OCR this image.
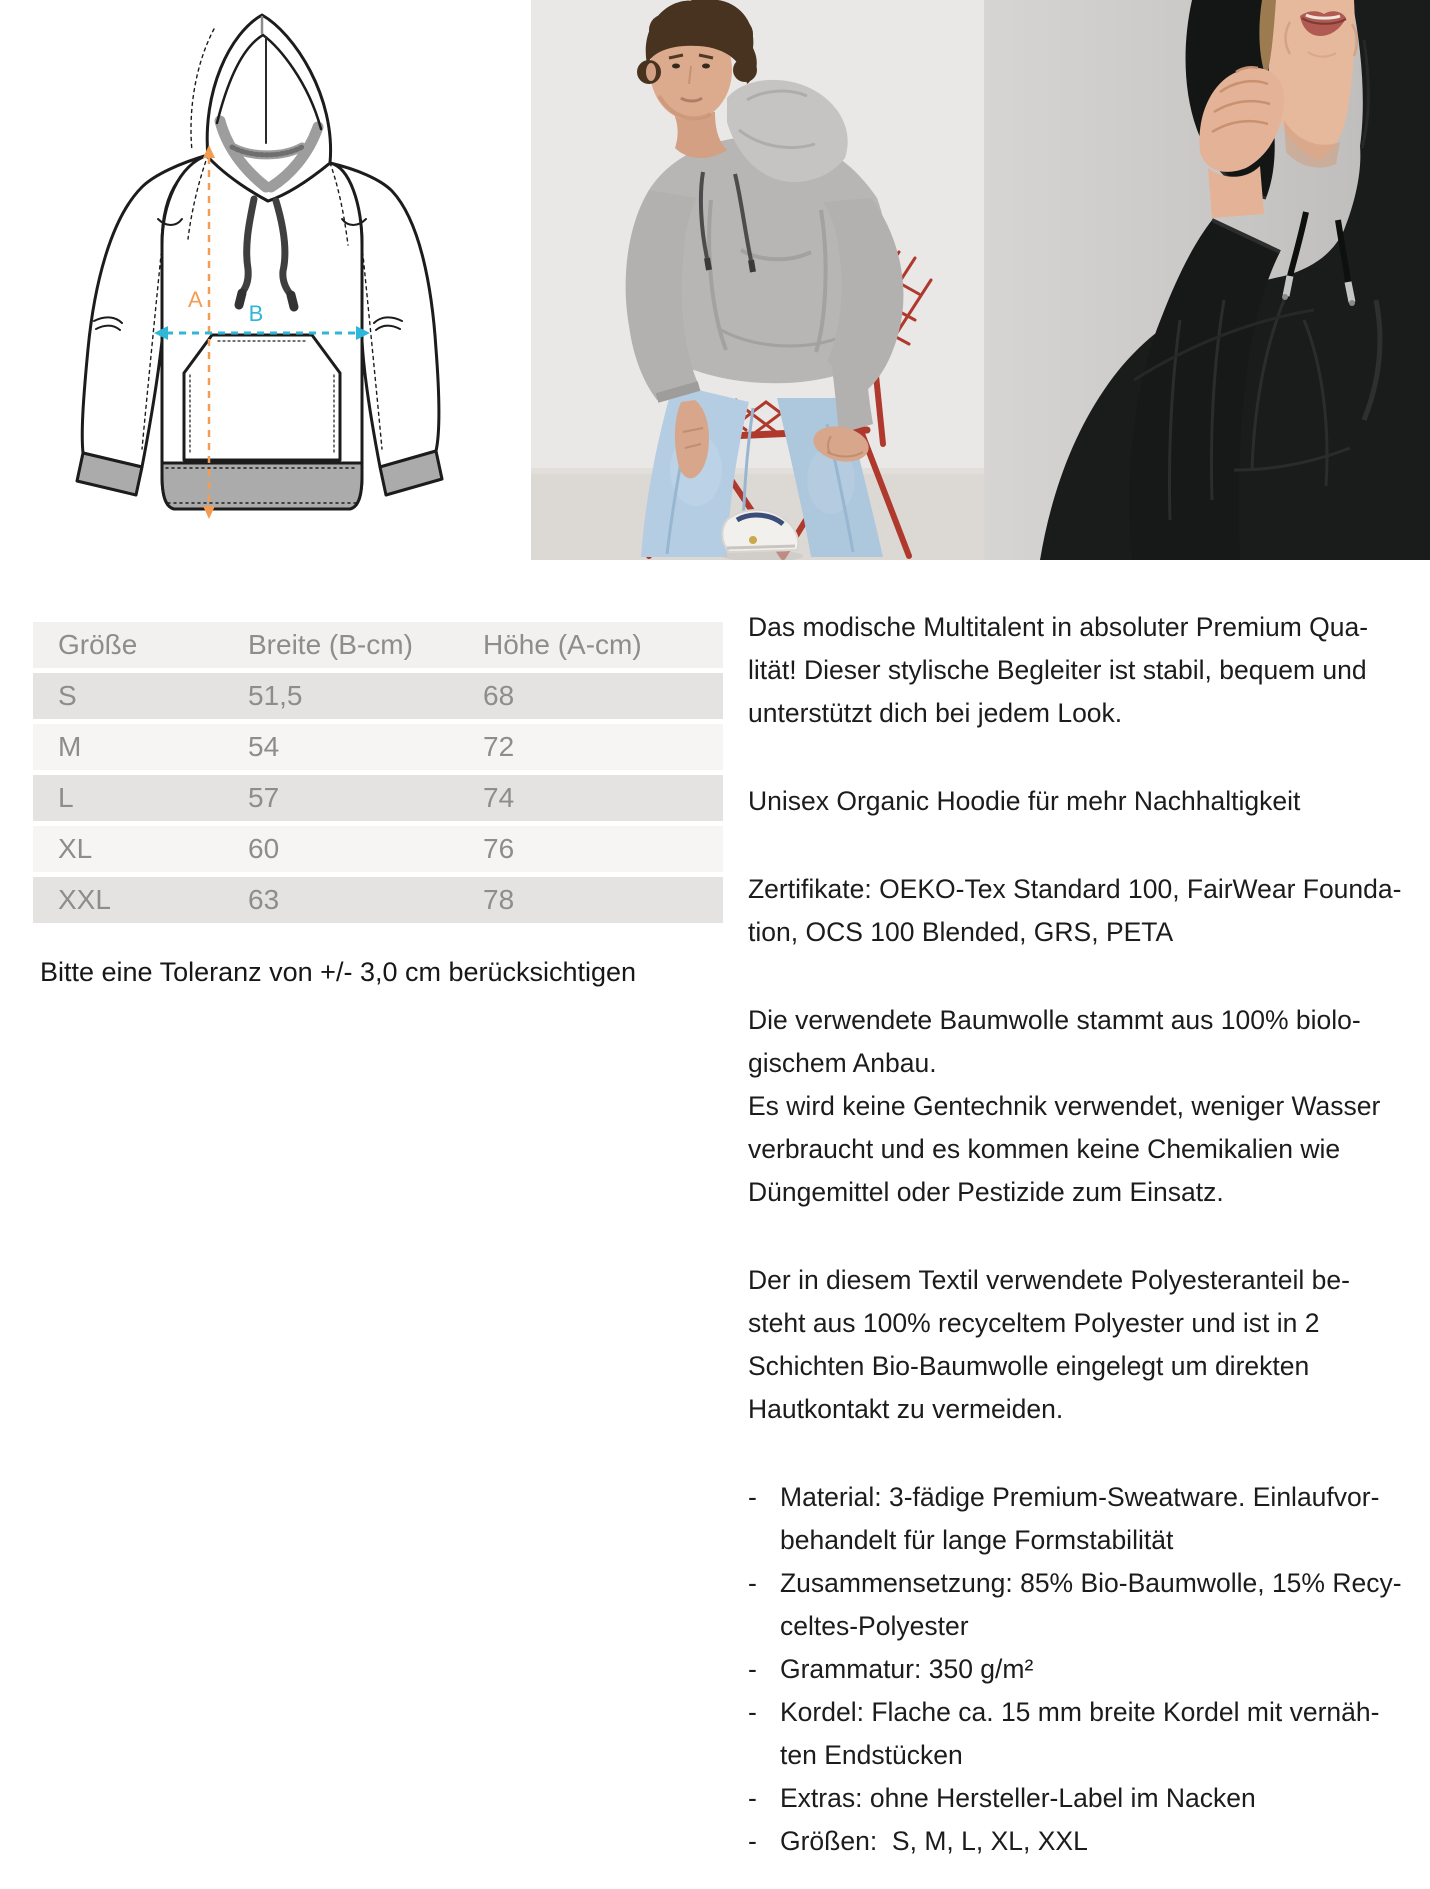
A
B
Größe	Breite (B-cm)	Höhe (A-cm)
S	51,5	68
M	54	72
L	57	74
XL	60	76
XXL	63	78
Bitte eine Toleranz von +/- 3,0 cm berücksichtigen
Das modische Multitalent in absoluter Premium Qua-
lität! Dieser stylische Begleiter ist stabil, bequem und
unterstützt dich bei jedem Look.
Unisex Organic Hoodie für mehr Nachhaltigkeit
Zertifikate: OEKO-Tex Standard 100, FairWear Founda-
tion, OCS 100 Blended, GRS, PETA
Die verwendete Baumwolle stammt aus 100% biolo-
gischem Anbau.
Es wird keine Gentechnik verwendet, weniger Wasser
verbraucht und es kommen keine Chemikalien wie
Düngemittel oder Pestizide zum Einsatz.
Der in diesem Textil verwendete Polyesteranteil be-
steht aus 100% recyceltem Polyester und ist in 2
Schichten Bio-Baumwolle eingelegt um direkten
Hautkontakt zu vermeiden.
- Material: 3-fädige Premium-Sweatware. Einlaufvor-
behandelt für lange Formstabilität
- Zusammensetzung: 85% Bio-Baumwolle, 15% Recy-
celtes-Polyester
- Grammatur: 350 g/m²
- Kordel: Flache ca. 15 mm breite Kordel mit vernäh-
ten Endstücken
- Extras: ohne Hersteller-Label im Nacken
- Größen:  S, M, L, XL, XXL
